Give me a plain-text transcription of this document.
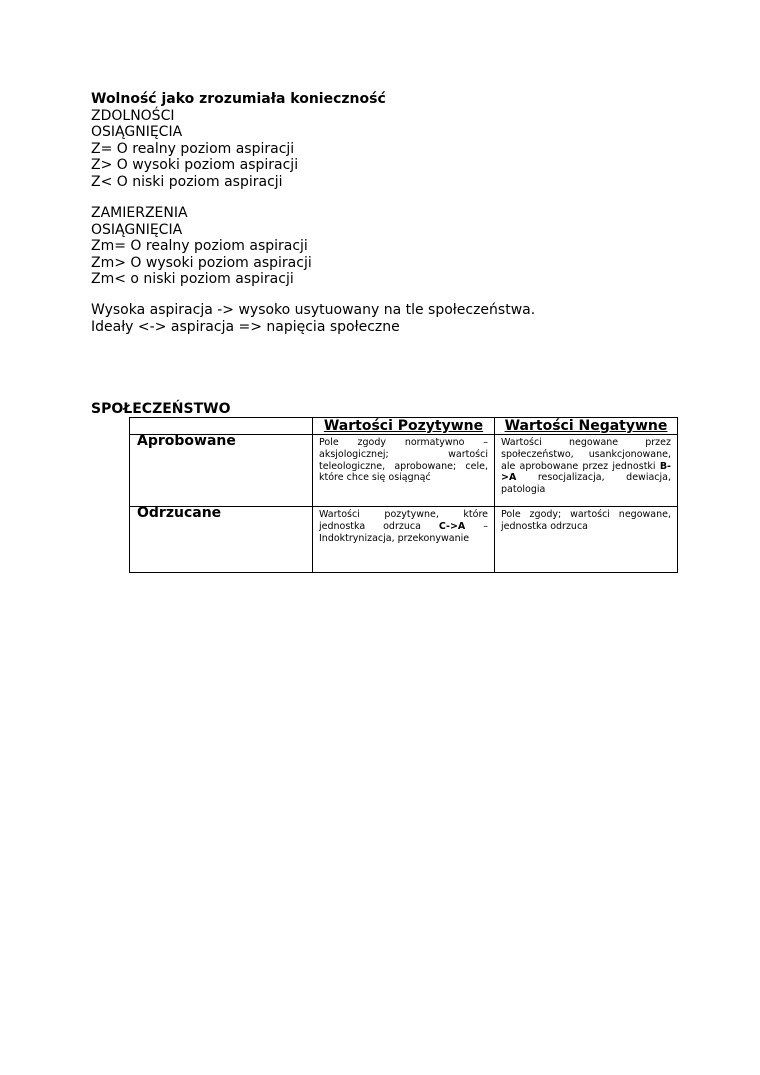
Wolność jako zrozumiała konieczność
ZDOLNOŚCI
OSIĄGNIĘCIA
Z= O realny poziom aspiracji
Z> O wysoki poziom aspiracji
Z< O niski poziom aspiracji
ZAMIERZENIA
OSIĄGNIĘCIA
Zm= O realny poziom aspiracji
Zm> O wysoki poziom aspiracji
Zm< o niski poziom aspiracji
Wysoka aspiracja -> wysoko usytuowany na tle społeczeństwa.
Ideały <-> aspiracja => napięcia społeczne
SPOŁECZEŃSTWO
	Wartości Pozytywne	Wartości Negatywne
Aprobowane	Pole zgody normatywno – aksjologicznej; wartości teleologiczne, aprobowane; cele, które chce się osiągnąć	Wartości negowane przez społeczeństwo, usankcjonowane, ale aprobowane przez jednostki B->A resocjalizacja, dewiacja, patologia
Odrzucane	Wartości pozytywne, które jednostka odrzuca C->A – Indoktrynizacja, przekonywanie	Pole zgody; wartości negowane, jednostka odrzuca
